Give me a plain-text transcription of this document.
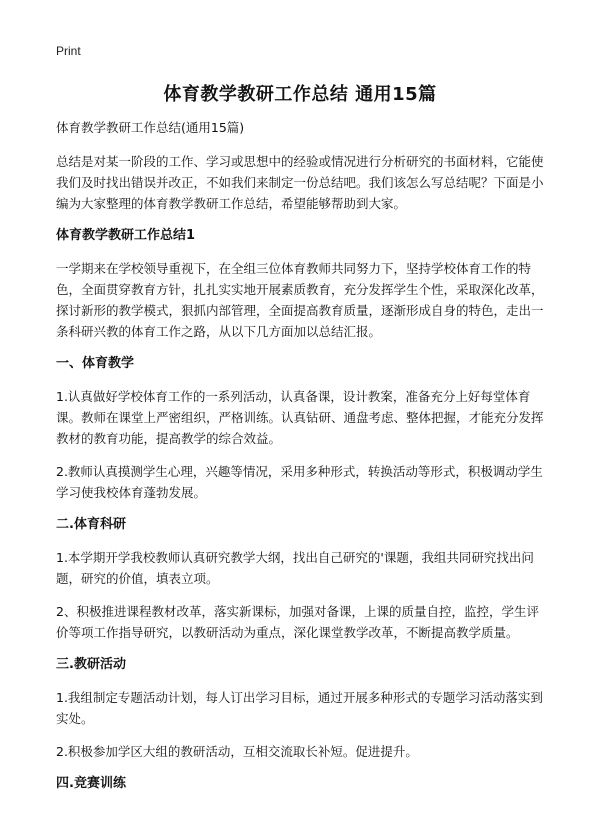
Print
体育教学教研工作总结 通用15篇

体育教学教研工作总结(通用15篇)

总结是对某一阶段的工作、学习或思想中的经验或情况进行分析研究的书面材料，它能使我们及时找出错误并改正，不如我们来制定一份总结吧。我们该怎么写总结呢？下面是小编为大家整理的体育教学教研工作总结，希望能够帮助到大家。

体育教学教研工作总结1

一学期来在学校领导重视下，在全组三位体育教师共同努力下，坚持学校体育工作的特色，全面贯穿教育方针，扎扎实实地开展素质教育，充分发挥学生个性，采取深化改革，探讨新形的教学模式，狠抓内部管理，全面提高教育质量，逐渐形成自身的特色，走出一条科研兴教的体育工作之路，从以下几方面加以总结汇报。

一、体育教学

1.认真做好学校体育工作的一系列活动，认真备课，设计教案，准备充分上好每堂体育课。教师在课堂上严密组织，严格训练。认真钻研、通盘考虑、整体把握，才能充分发挥教材的教育功能，提高教学的综合效益。

2.教师认真摸测学生心理，兴趣等情况，采用多种形式，转换活动等形式，积极调动学生学习使我校体育蓬勃发展。

二.体育科研

1.本学期开学我校教师认真研究教学大纲，找出自己研究的'课题，我组共同研究找出问题，研究的价值，填表立项。

2、积极推进课程教材改革，落实新课标，加强对备课，上课的质量自控，监控，学生评价等项工作指导研究，以教研活动为重点，深化课堂教学改革，不断提高教学质量。

三.教研活动

1.我组制定专题活动计划，每人订出学习目标，通过开展多种形式的专题学习活动落实到实处。

2.积极参加学区大组的教研活动，互相交流取长补短。促进提升。

四.竞赛训练
